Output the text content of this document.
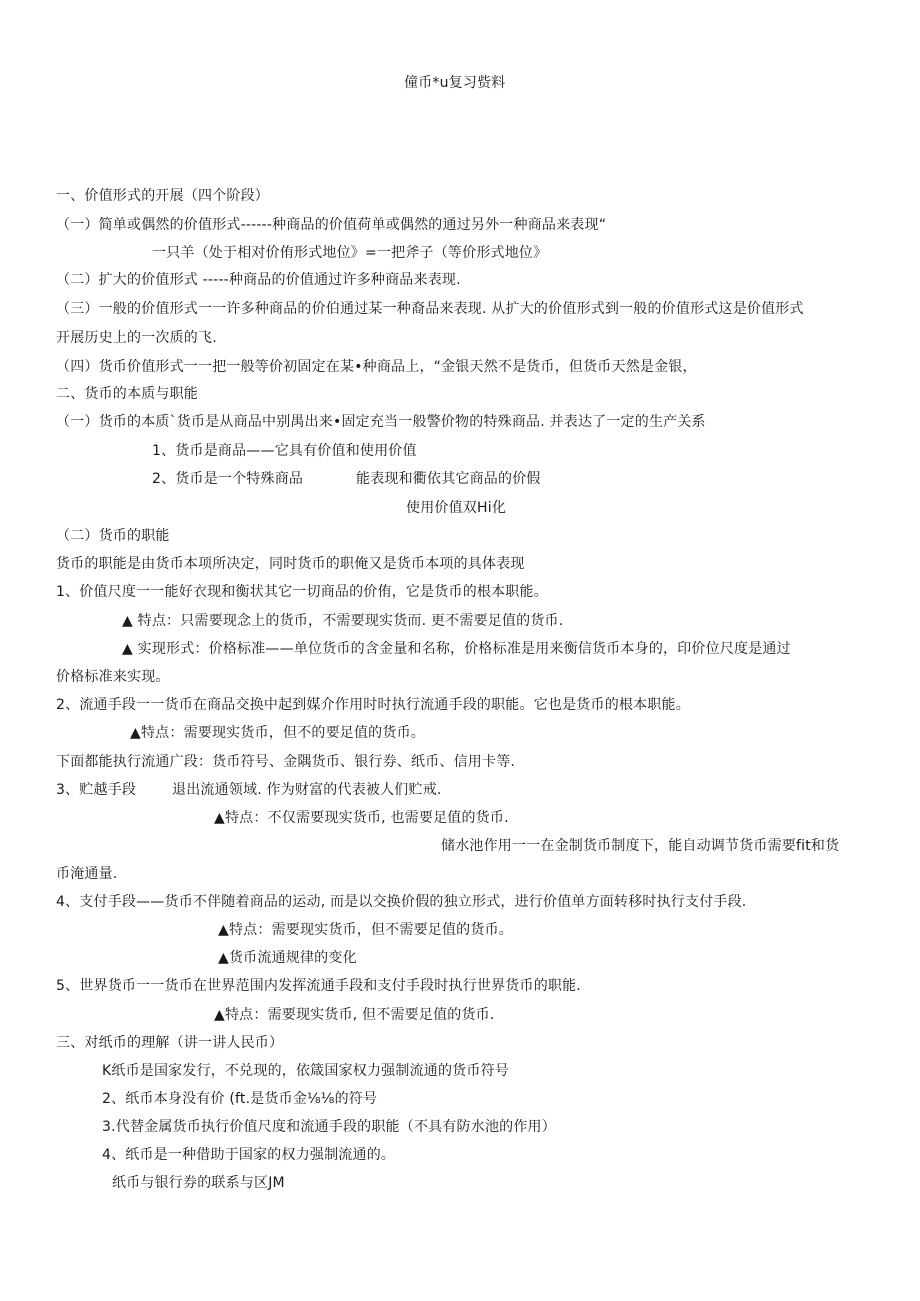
僮币*u复习赀料
一、价值形式的开展（四个阶段）
（一）简单或偶然的价值形式------种商品的价值荷单或偶然的通过另外一种商品来表现“
一只羊（处于相对价侑形式地位》=一把斧子（等价形式地位》
（二）扩大的价值形式 -----种商品的价值通过许多种商品来表现.
（三）一般的价值形式一一许多种商品的价伯通过某一种裔品来表现. 从扩大的价值形式到一般的价值形式这是价值形式
开展历史上的一次质的飞.
（四）货币价值形式一一把一般等价初固定在某•种商品上，“金银天然不是货币，但货币天然是金银，
二、货币的本质与职能
（一）货币的本质`货币是从商品中别禺出来•固定充当一般警价物的特殊商品. 并表达了一定的生产关系
1、货币是商品——它具有价值和使用价值
2、货币是一个特殊商品	能表现和衢依其它商品的价假
使用价值双Hi化
（二）货币的职能
货币的职能是由货币本项所决定，同时货币的职俺又是货币本项的具体表现
1、价值尺度一一能好衣现和衡状其它一切商品的价侑，它是货币的根本职能。
▲ 特点：只需要现念上的货币，不需要现实货而. 更不需要足值的货币.
▲ 实现形式：价格标准——单位货币的含金量和名称，价格标准是用来衡信货币本身的，印价位尺度是通过
价格标准来实现。
2、流通手段一一货币在商品交换中起到媒介作用时时执行流通手段的职能。它也是货币的根本职能。
▲特点：需要现实货币，但不的要足值的货币。
下面都能执行流通广段：货币符号、金隅货币、银行券、纸币、信用卡等.
3、贮越手段	退出流通领域. 作为财富的代表被人们贮戒.
▲特点：不仅需要现实货币, 也需要足值的货币.
储水池作用一一在金制货币制度下，能自动调节货币需要fit和货
币淹通量.
4、支付手段——货币不伴随着商品的运动, 而是以交换价假的独立形式，进行价值单方面转移时执行支付手段.
▲特点：需要现实货币，但不需要足值的货币。
▲货币流通规律的变化
5、世界货币一一货币在世界范围内发挥流通手段和支付手段时执行世界货币的职能.
▲特点：需要现实货币, 但不需要足值的货币.
三、对纸币的理解（讲一讲人民币）
K纸币是国家发行，不兑现的，依箴国家权力强制流通的货币符号
2、纸币本身没有价 (ft.是货币金⅛⅛的符号
3.代替金属货币执行价值尺度和流通手段的职能（不具有防水池的作用）
4、纸币是一种借助于国家的权力强制流通的。
纸币与银行券的联系与区JM
